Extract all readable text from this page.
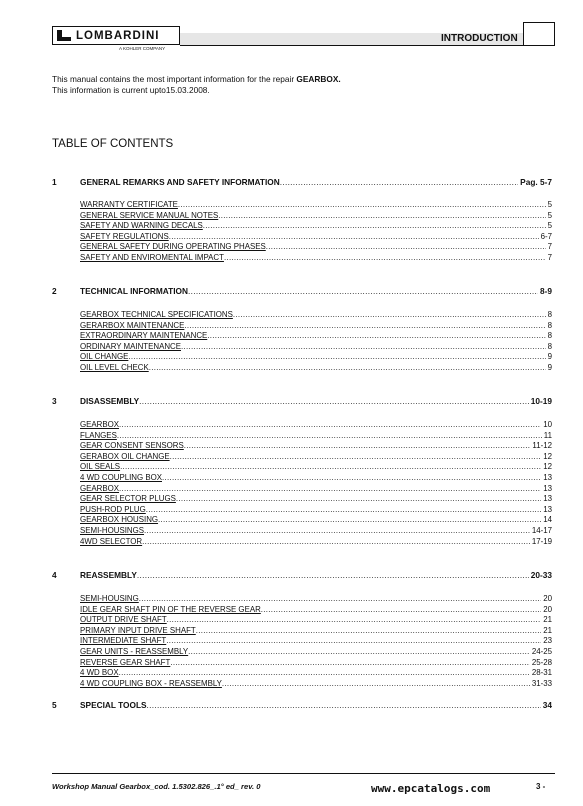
LOMBARDINI
A KOHLER COMPANY
INTRODUCTION
This manual contains the most important information for the repair GEARBOX.
This information is current upto15.03.2008.
TABLE OF CONTENTS
1	GENERAL REMARKS AND SAFETY INFORMATION .....	Pag. 5-7
WARRANTY CERTIFICATE .....	5
GENERAL SERVICE MANUAL NOTES .....	5
SAFETY AND WARNING DECALS .....	5
SAFETY REGULATIONS .....	6-7
GENERAL SAFETY DURING OPERATING PHASES .....	7
SAFETY AND ENVIROMENTAL IMPACT .....	7
2	TECHNICAL INFORMATION .....	8-9
GEARBOX TECHNICAL SPECIFICATIONS .....	8
GERARBOX MAINTENANCE .....	8
EXTRAORDINARY MAINTENANCE .....	8
ORDINARY MAINTENANCE .....	8
OIL CHANGE .....	9
OIL LEVEL CHECK .....	9
3	DISASSEMBLY .....	10-19
GEARBOX .....	10
FLANGES .....	11
GEAR CONSENT SENSORS .....	11-12
GERABOX OIL CHANGE .....	12
OIL SEALS .....	12
4 WD COUPLING BOX .....	13
GEARBOX .....	13
GEAR SELECTOR PLUGS .....	13
PUSH-ROD PLUG .....	13
GEARBOX HOUSING .....	14
SEMI-HOUSINGS .....	14-17
4WD SELECTOR .....	17-19
4	REASSEMBLY .....	20-33
SEMI-HOUSING .....	20
IDLE GEAR SHAFT PIN OF THE REVERSE GEAR .....	20
OUTPUT DRIVE SHAFT .....	21
PRIMARY INPUT DRIVE SHAFT .....	21
INTERMEDIATE SHAFT .....	23
GEAR UNITS - REASSEMBLY .....	24-25
REVERSE GEAR SHAFT .....	25-28
4 WD BOX .....	28-31
4 WD COUPLING BOX - REASSEMBLY .....	31-33
5	SPECIAL TOOLS .....	34
Workshop Manual Gearbox_cod. 1.5302.826_.1° ed_ rev. 0	www.epcatalogs.com	3 -
